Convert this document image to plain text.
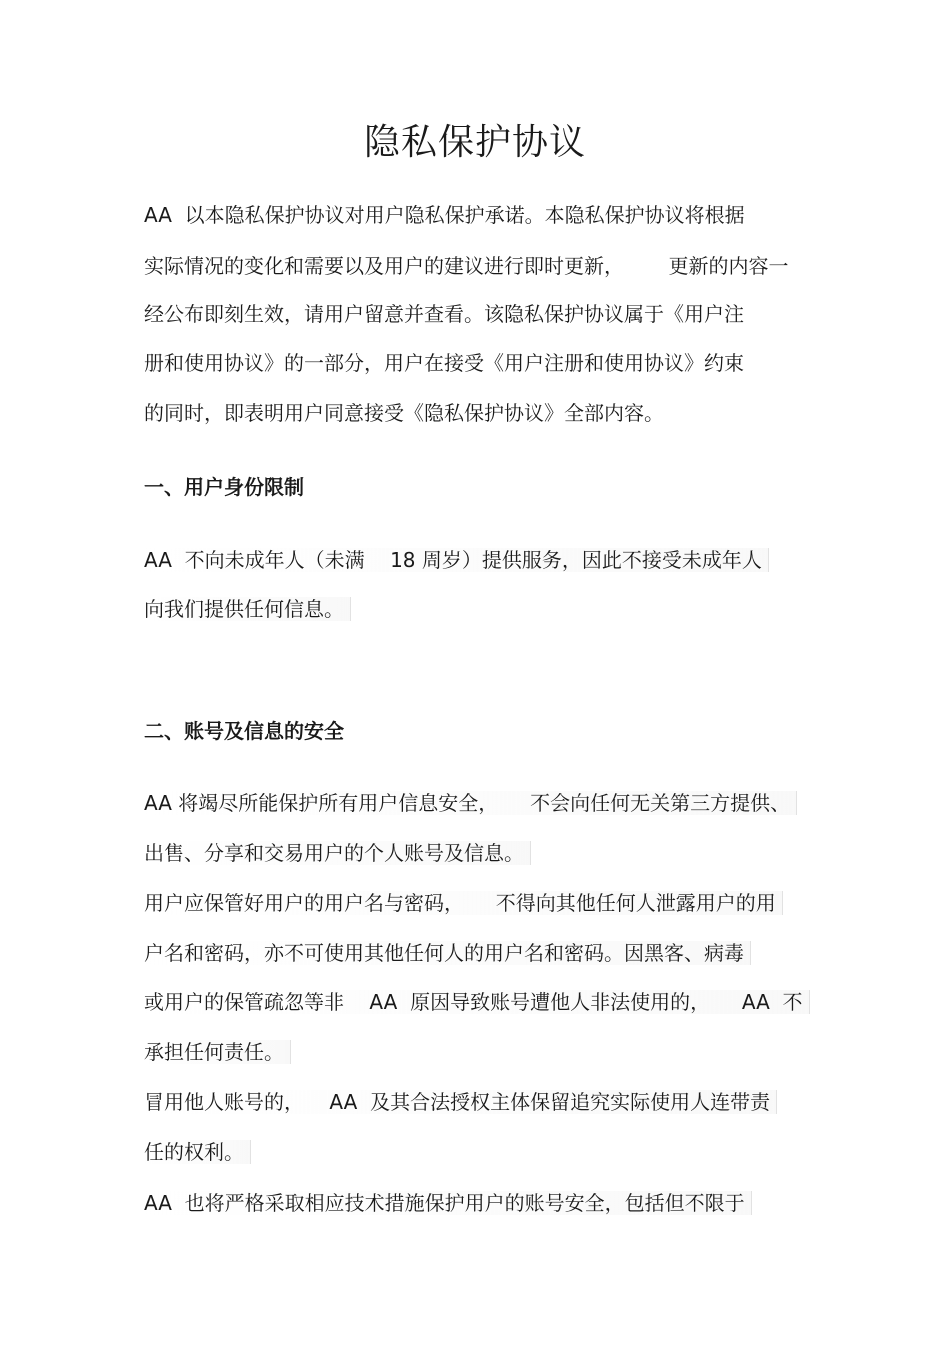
隐私保护协议

AA  以本隐私保护协议对用户隐私保护承诺。本隐私保护协议将根据

实际情况的变化和需要以及用户的建议进行即时更新，       更新的内容一

经公布即刻生效，请用户留意并查看。该隐私保护协议属于《用户注

册和使用协议》的一部分，用户在接受《用户注册和使用协议》约束

的同时，即表明用户同意接受《隐私保护协议》全部内容。

一、用户身份限制

AA  不向未成年人（未满    18 周岁）提供服务，因此不接受未成年人

向我们提供任何信息。

二、账号及信息的安全

AA 将竭尽所能保护所有用户信息安全，     不会向任何无关第三方提供、

出售、分享和交易用户的个人账号及信息。

用户应保管好用户的用户名与密码，     不得向其他任何人泄露用户的用

户名和密码，亦不可使用其他任何人的用户名和密码。因黑客、病毒

或用户的保管疏忽等非    AA  原因导致账号遭他人非法使用的，     AA  不

承担任何责任。

冒用他人账号的，    AA  及其合法授权主体保留追究实际使用人连带责

任的权利。

AA  也将严格采取相应技术措施保护用户的账号安全，包括但不限于
